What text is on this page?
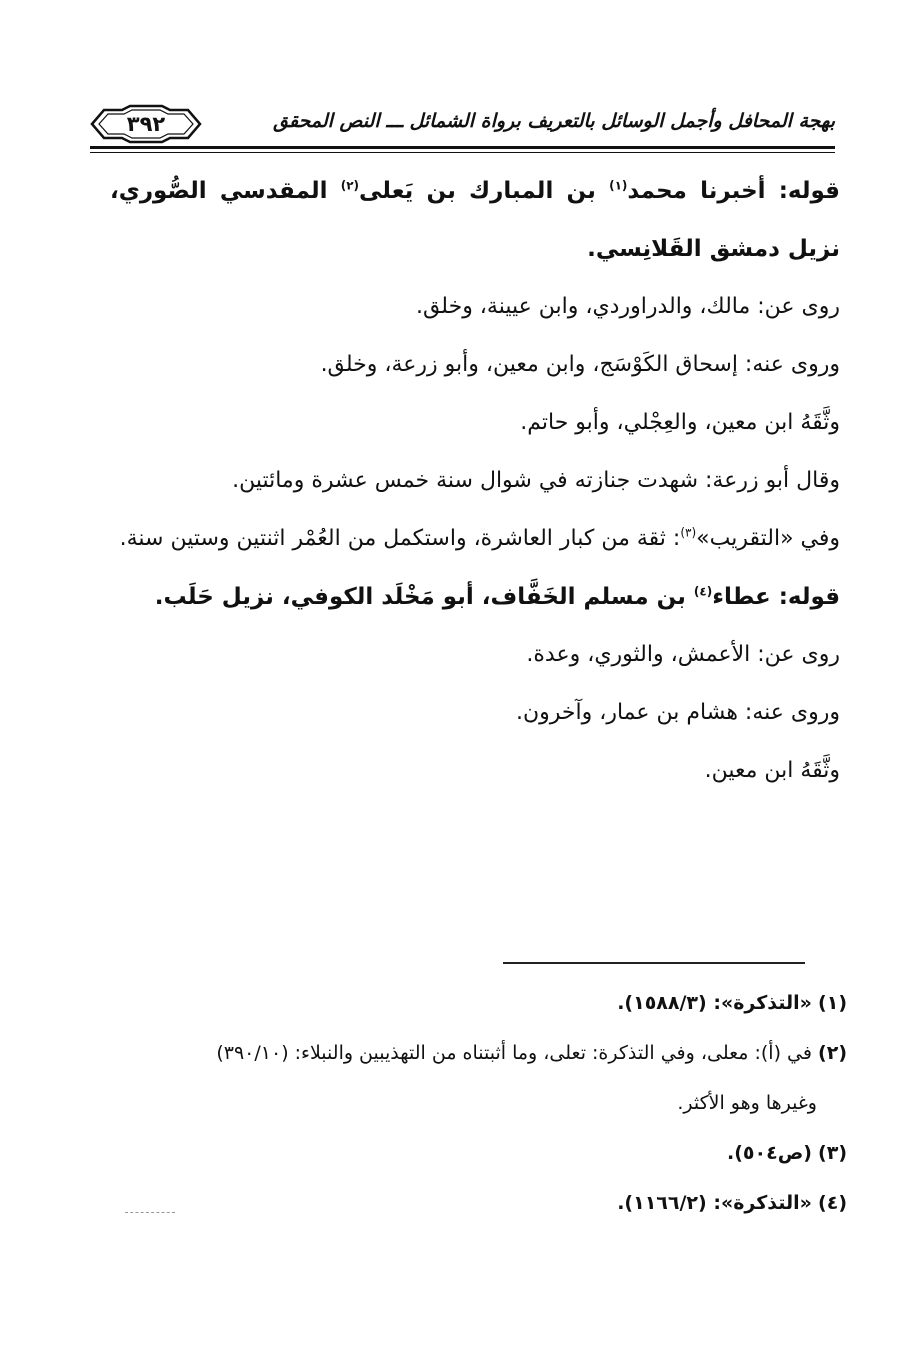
بهجة المحافل وأجمل الوسائل بالتعريف برواة الشمائل ـــ النص المحقق
٣٩٢

قوله: أخبرنا محمد$^{(١)}$ بن المبارك بن يَعلى$^{(٢)}$ المقدسي الصُّوري، نزيل دمشق القَلانِسي.

روى عن: مالك، والدراوردي، وابن عيينة، وخلق.

وروى عنه: إسحاق الكَوْسَج، وابن معين، وأبو زرعة، وخلق.

وثَّقَهُ ابن معين، والعِجْلي، وأبو حاتم.

وقال أبو زرعة: شهدت جنازته في شوال سنة خمس عشرة ومائتين.

وفي «التقريب»$^{(٣)}$: ثقة من كبار العاشرة، واستكمل من العُمْر اثنتين وستين سنة.

قوله: عطاء$^{(٤)}$ بن مسلم الخَفَّاف، أبو مَخْلَد الكوفي، نزيل حَلَب.

روى عن: الأعمش، والثوري، وعدة.

وروى عنه: هشام بن عمار، وآخرون.

وثَّقَهُ ابن معين.

(١) «التذكرة»: (١٥٨٨/٣).

(٢) في (أ): معلى، وفي التذكرة: تعلى، وما أثبتناه من التهذيبين والنبلاء: (٣٩٠/١٠)

وغيرها وهو الأكثر.

(٣) (ص٥٠٤).

(٤) «التذكرة»: (١١٦٦/٢).
